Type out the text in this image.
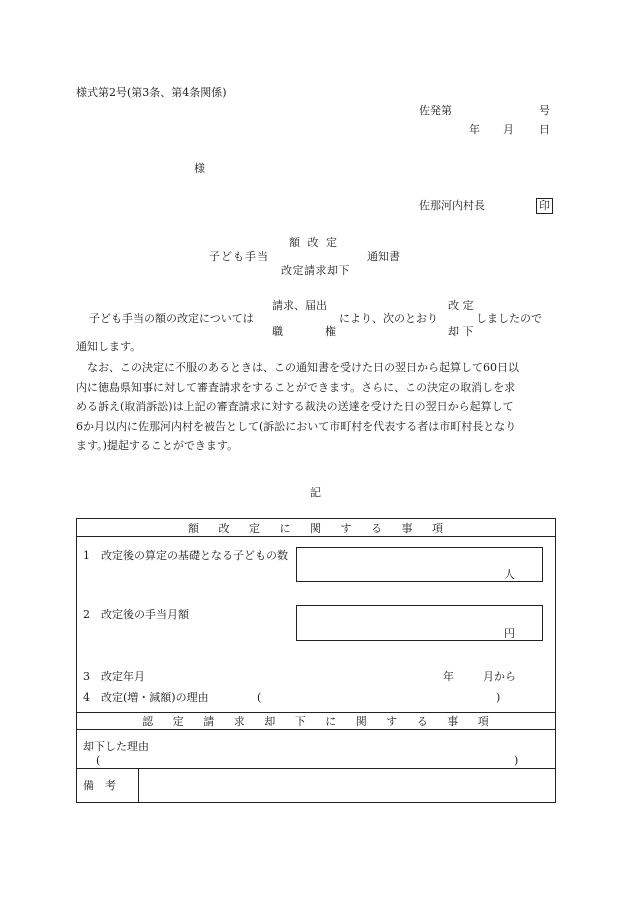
様式第2号(第3条、第4条関係)
佐発第	号
年 月 日
様
佐那河内村長	印
額 改 定
子ども手当	通知書
改定請求却下
請求、届出	改 定
子ども手当の額の改定については	により、次のとおり	しましたので
職	権	却 下
通知します。
なお、この決定に不服のあるときは、この通知書を受けた日の翌日から起算して60日以
内に徳島県知事に対して審査請求をすることができます。さらに、この決定の取消しを求
める訴え(取消訴訟)は上記の審査請求に対する裁決の送達を受けた日の翌日から起算して
6か月以内に佐那河内村を被告として(訴訟において市町村を代表する者は市町村長となり
ます。)提起することができます。
記
額 改 定 に 関 す る 事 項
1　改定後の算定の基礎となる子どもの数
人
2　改定後の手当月額
円
3　改定年月	年	月から
4　改定(増・減額)の理由	(	)
認 定 請 求 却 下 に 関 す る 事 項
却下した理由
(	)
備　考
